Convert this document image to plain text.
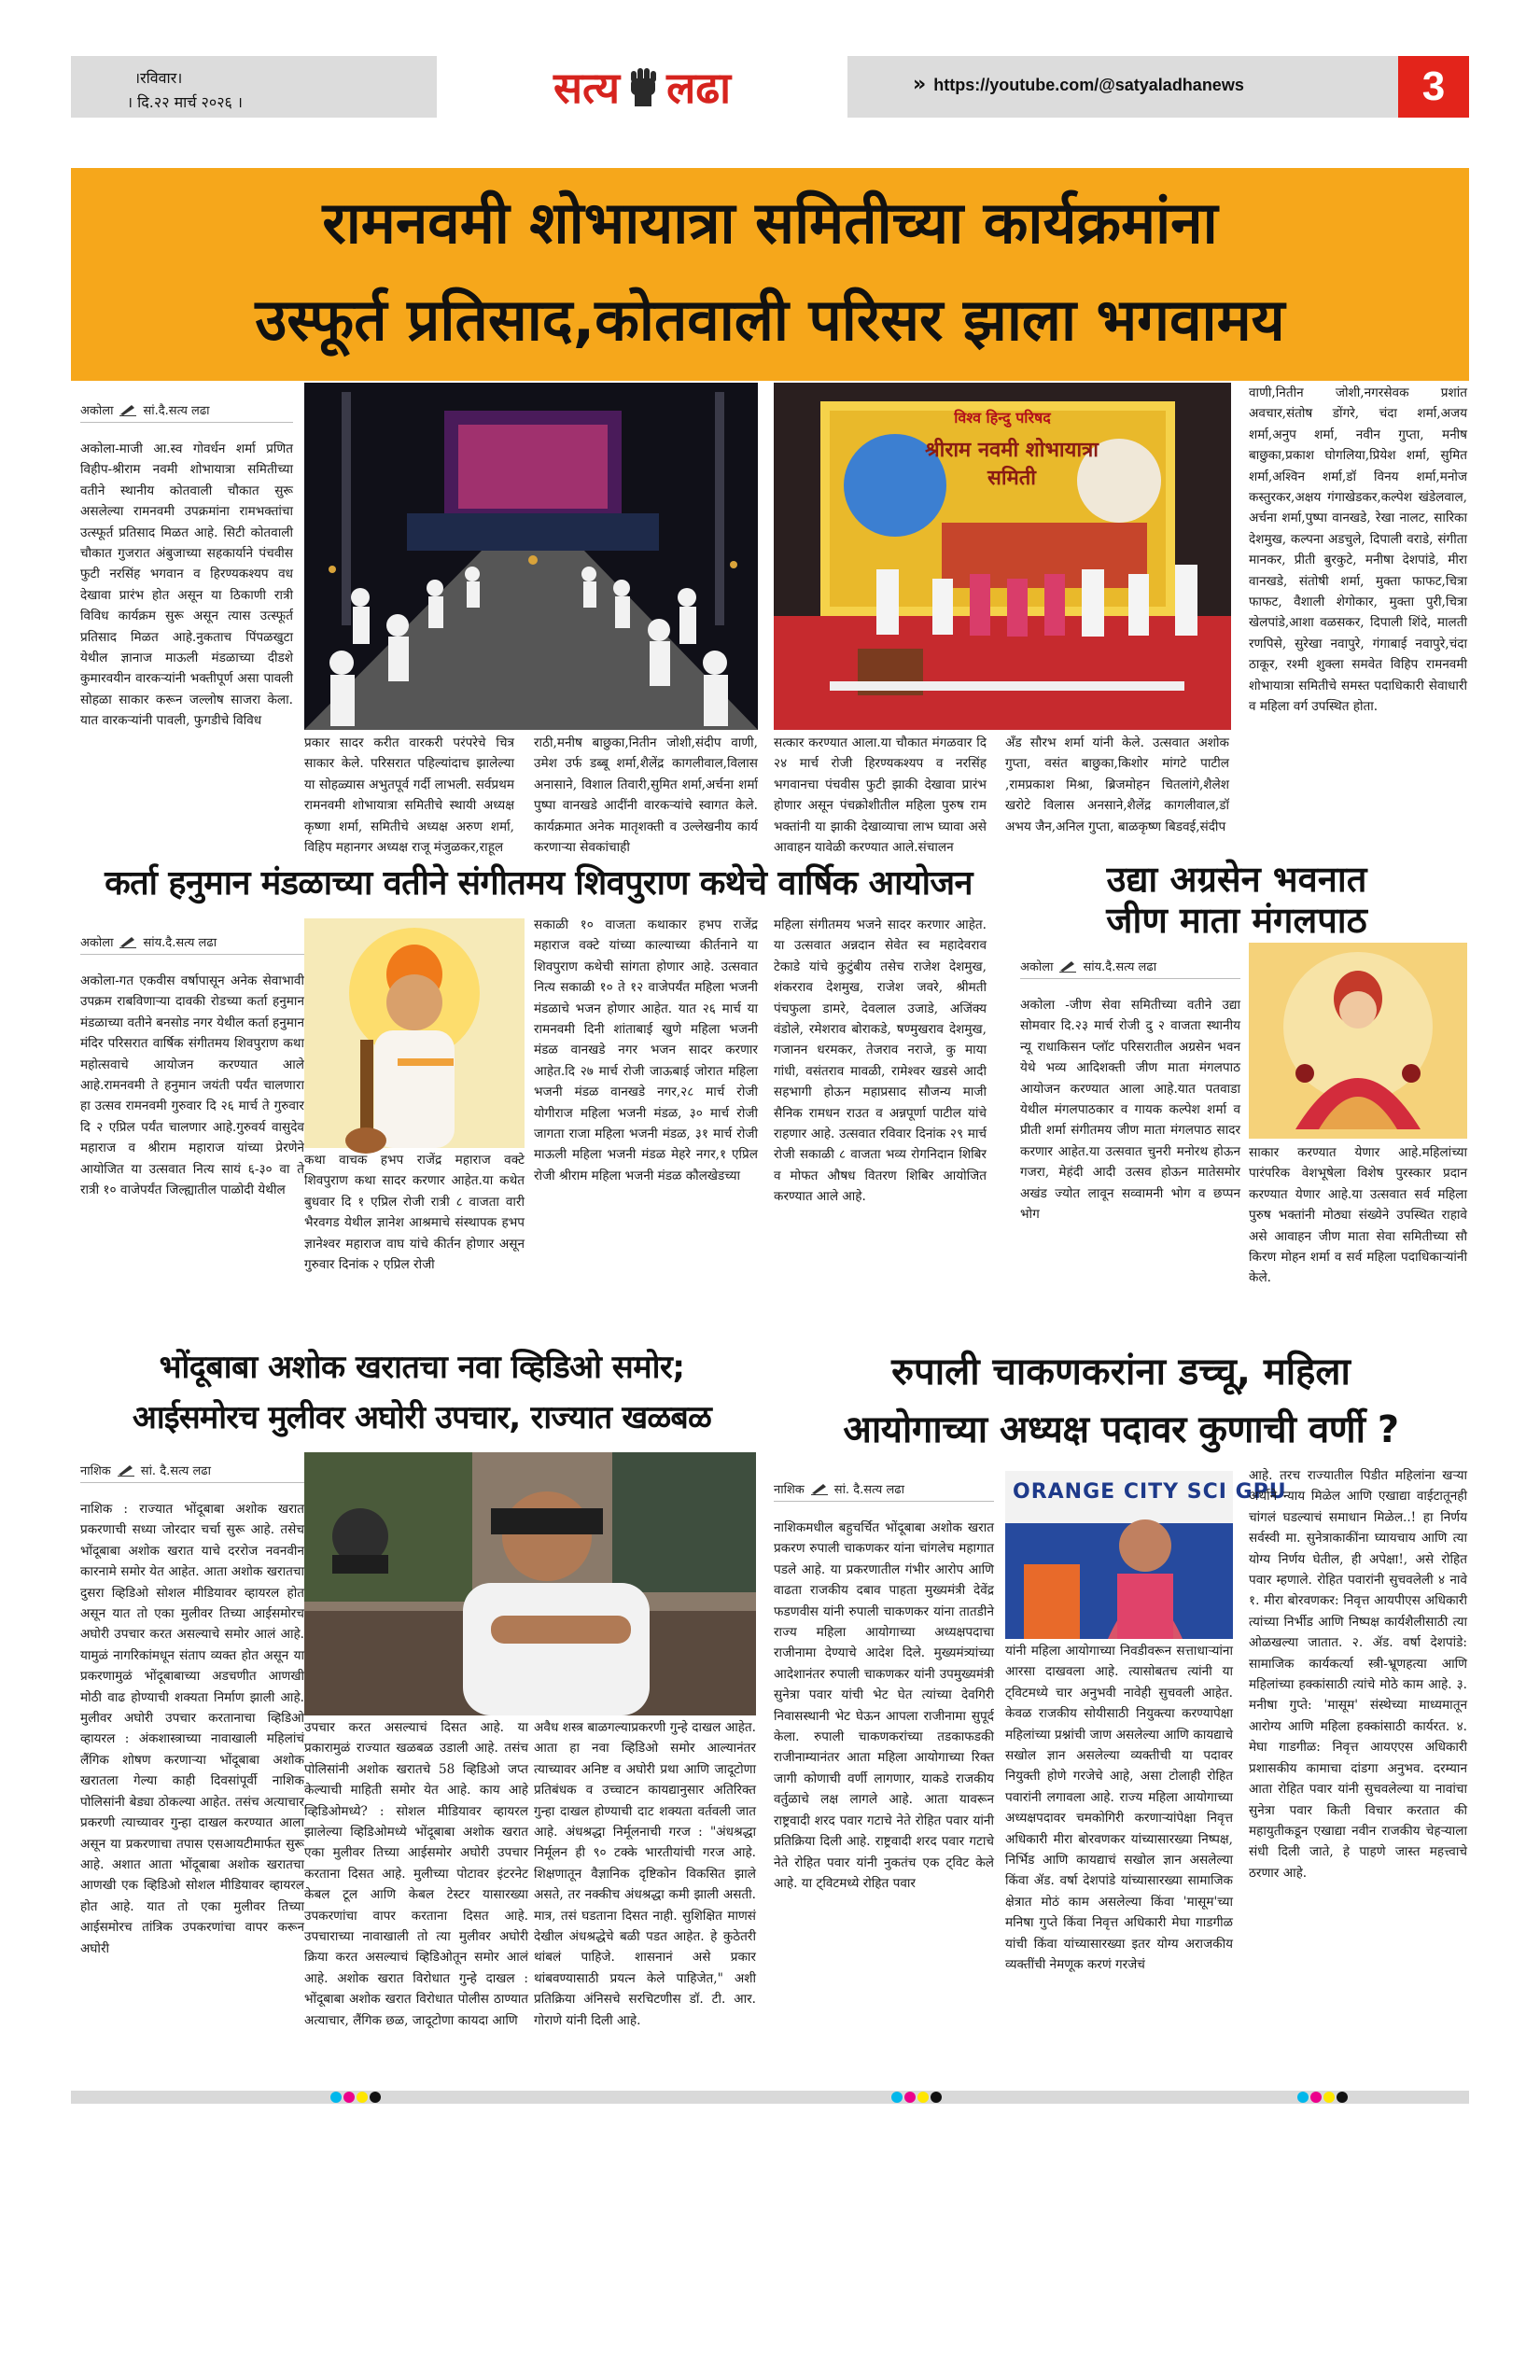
।रविवार।
। दि.२२ मार्च २०२६ ।	सत्य लढा	» https://youtube.com/@satyaladhanews	3
रामनवमी शोभायात्रा समितीच्या कार्यक्रमांना
उस्फूर्त प्रतिसाद,कोतवाली परिसर झाला भगवामय
अकोला सां.दै.सत्य लढा
अकोला-माजी आ.स्व गोवर्धन शर्मा प्रणित विहीप-श्रीराम नवमी शोभायात्रा समितीच्या वतीने स्थानीय कोतवाली चौकात सुरू असलेल्या रामनवमी उपक्रमांना रामभक्तांचा उत्स्फूर्त प्रतिसाद मिळत आहे. सिटी कोतवाली चौकात गुजरात अंबुजाच्या सहकार्याने पंचवीस फुटी नरसिंह भगवान व हिरण्यकश्यप वध देखावा प्रारंभ होत असून या ठिकाणी रात्री विविध कार्यक्रम सुरू असून त्यास उत्स्फूर्त प्रतिसाद मिळत आहे.नुकताच पिंपळखुटा येथील ज्ञानाज माऊली मंडळाच्या दीडशे कुमारवयीन वारकऱ्यांनी भक्तीपूर्ण असा पावली सोहळा साकार करून जल्लोष साजरा केला. यात वारकऱ्यांनी पावली, फुगडीचे विविध
प्रकार सादर करीत वारकरी परंपरेचे चित्र साकार केले. परिसरात पहिल्यांदाच झालेल्या या सोहळ्यास अभुतपूर्व गर्दी लाभली. सर्वप्रथम रामनवमी शोभायात्रा समितीचे स्थायी अध्यक्ष कृष्णा शर्मा, समितीचे अध्यक्ष अरुण शर्मा, विहिप महानगर अध्यक्ष राजू मंजुळकर,राहूल
राठी,मनीष बाछुका,नितीन जोशी,संदीप वाणी, उमेश उर्फ डब्बू शर्मा,शैलेंद्र कागलीवाल,विलास अनासाने, विशाल तिवारी,सुमित शर्मा,अर्चना शर्मा पुष्पा वानखडे आदींनी वारकऱ्यांचे स्वागत केले. कार्यक्रमात अनेक मातृशक्ती व उल्लेखनीय कार्य करणाऱ्या सेवकांचाही
विश्व हिन्दु परिषद
श्रीराम नवमी शोभायात्रा समिती
सत्कार करण्यात आला.या चौकात मंगळवार दि २४ मार्च रोजी हिरण्यकश्यप व नरसिंह भगवानचा पंचवीस फुटी झाकी देखावा प्रारंभ होणार असून पंचक्रोशीतील महिला पुरुष राम भक्तांनी या झाकी देखाव्याचा लाभ घ्यावा असे आवाहन यावेळी करण्यात आले.संचालन
अँड सौरभ शर्मा यांनी केले. उत्सवात अशोक गुप्ता, वसंत बाछुका,किशोर मांगटे पाटील ,रामप्रकाश मिश्रा, ब्रिजमोहन चितलांगे,शैलेश खरोटे विलास अनसाने,शैलेंद्र कागलीवाल,डॉ अभय जैन,अनिल गुप्ता, बाळकृष्ण बिडवई,संदीप
वाणी,नितीन जोशी,नगरसेवक प्रशांत अवचार,संतोष डोंगरे, चंदा शर्मा,अजय शर्मा,अनुप शर्मा, नवीन गुप्ता, मनीष बाछुका,प्रकाश घोगलिया,प्रियेश शर्मा, सुमित शर्मा,अश्विन शर्मा,डॉ विनय शर्मा,मनोज कस्तुरकर,अक्षय गंगाखेडकर,कल्पेश खंडेलवाल, अर्चना शर्मा,पुष्पा वानखडे, रेखा नालट, सारिका देशमुख, कल्पना अडचुले, दिपाली वराडे, संगीता मानकर, प्रीती बुरकुटे, मनीषा देशपांडे, मीरा वानखडे, संतोषी शर्मा, मुक्ता फाफट,चित्रा फाफट, वैशाली शेगोकार, मुक्ता पुरी,चित्रा खेलपांडे,आशा वळसकर, दिपाली शिंदे, मालती रणपिसे, सुरेखा नवापुरे, गंगाबाई नवापुरे,चंदा ठाकूर, रश्मी शुक्ला समवेत विहिप रामनवमी शोभायात्रा समितीचे समस्त पदाधिकारी सेवाधारी व महिला वर्ग उपस्थित होता.
कर्ता हनुमान मंडळाच्या वतीने संगीतमय शिवपुराण कथेचे वार्षिक आयोजन
अकोला सांय.दै.सत्य लढा
अकोला-गत एकवीस वर्षापासून अनेक सेवाभावी उपक्रम राबविणाऱ्या दावकी रोडच्या कर्ता हनुमान मंडळाच्या वतीने बनसोड नगर येथील कर्ता हनुमान मंदिर परिसरात वार्षिक संगीतमय शिवपुराण कथा महोत्सवाचे आयोजन करण्यात आले आहे.रामनवमी ते हनुमान जयंती पर्यंत चालणारा हा उत्सव रामनवमी गुरुवार दि २६ मार्च ते गुरुवार दि २ एप्रिल पर्यंत चालणार आहे.गुरुवर्य वासुदेव महाराज व श्रीराम महाराज यांच्या प्रेरणेने आयोजित या उत्सवात नित्य सायं ६-३० वा ते रात्री १० वाजेपर्यंत जिल्ह्यातील पाळोदी येथील
कथा वाचक हभप राजेंद्र महाराज वक्टे शिवपुराण कथा सादर करणार आहेत.या कथेत बुधवार दि १ एप्रिल रोजी रात्री ८ वाजता वारी भैरवगड येथील ज्ञानेश आश्रमाचे संस्थापक हभप ज्ञानेश्वर महाराज वाघ यांचे कीर्तन होणार असून गुरुवार दिनांक २ एप्रिल रोजी
सकाळी १० वाजता कथाकार हभप राजेंद्र महाराज वक्टे यांच्या काल्याच्या कीर्तनाने या शिवपुराण कथेची सांगता होणार आहे. उत्सवात नित्य सकाळी १० ते १२ वाजेपर्यंत महिला भजनी मंडळाचे भजन होणार आहेत. यात २६ मार्च या रामनवमी दिनी शांताबाई खुणे महिला भजनी मंडळ वानखडे नगर भजन सादर करणार आहेत.दि २७ मार्च रोजी जाऊबाई जोरात महिला भजनी मंडळ वानखडे नगर,२८ मार्च रोजी योगीराज महिला भजनी मंडळ, ३० मार्च रोजी जागता राजा महिला भजनी मंडळ, ३१ मार्च रोजी माऊली महिला भजनी मंडळ मेहरे नगर,१ एप्रिल रोजी श्रीराम महिला भजनी मंडळ कौलखेडच्या
महिला संगीतमय भजने सादर करणार आहेत. या उत्सवात अन्नदान सेवेत स्व महादेवराव टेकाडे यांचे कुटुंबीय तसेच राजेश देशमुख, शंकरराव देशमुख, राजेश जवरे, श्रीमती पंचफुला डामरे, देवलाल उजाडे, अजिंक्य वंडोले, रमेशराव बोराकडे, षण्मुखराव देशमुख, गजानन धरमकर, तेजराव नराजे, कु माया गांधी, वसंतराव मावळी, रामेश्वर खडसे आदी सहभागी होऊन महाप्रसाद सौजन्य माजी सैनिक रामधन राउत व अन्नपूर्णा पाटील यांचे राहणार आहे. उत्सवात रविवार दिनांक २९ मार्च रोजी सकाळी ८ वाजता भव्य रोगनिदान शिबिर व मोफत औषध वितरण शिबिर आयोजित करण्यात आले आहे.
उद्या अग्रसेन भवनात
जीण माता मंगलपाठ
अकोला सांय.दै.सत्य लढा
अकोला -जीण सेवा समितीच्या वतीने उद्या सोमवार दि.२३ मार्च रोजी दु २ वाजता स्थानीय न्यू राधाकिसन प्लॉट परिसरातील अग्रसेन भवन येथे भव्य आदिशक्ती जीण माता मंगलपाठ आयोजन करण्यात आला आहे.यात पतवाडा येथील मंगलपाठकार व गायक कल्पेश शर्मा व प्रीती शर्मा संगीतमय जीण माता मंगलपाठ सादर करणार आहेत.या उत्सवात चुनरी मनोरथ होऊन गजरा, मेहंदी आदी उत्सव होऊन मातेसमोर अखंड ज्योत लावून सव्वामनी भोग व छप्पन भोग
साकार करण्यात येणार आहे.महिलांच्या पारंपरिक वेशभूषेला विशेष पुरस्कार प्रदान करण्यात येणार आहे.या उत्सवात सर्व महिला पुरुष भक्तांनी मोठ्या संख्येने उपस्थित राहावे असे आवाहन जीण माता सेवा समितीच्या सौ किरण मोहन शर्मा व सर्व महिला पदाधिकाऱ्यांनी केले.
भोंदूबाबा अशोक खरातचा नवा व्हिडिओ समोर;
आईसमोरच मुलीवर अघोरी उपचार, राज्यात खळबळ
नाशिक सां. दै.सत्य लढा
नाशिक : राज्यात भोंदूबाबा अशोक खरात प्रकरणाची सध्या जोरदार चर्चा सुरू आहे. तसेच भोंदूबाबा अशोक खरात याचे दररोज नवनवीन कारनामे समोर येत आहेत. आता अशोक खरातचा दुसरा व्हिडिओ सोशल मीडियावर व्हायरल होत असून यात तो एका मुलीवर तिच्या आईसमोरच अघोरी उपचार करत असल्याचे समोर आलं आहे. यामुळं नागरिकांमधून संताप व्यक्त होत असून या प्रकरणामुळं भोंदूबाबाच्या अडचणीत आणखी मोठी वाढ होण्याची शक्यता निर्माण झाली आहे. मुलीवर अघोरी उपचार करतानाचा व्हिडिओ व्हायरल : अंकशास्त्राच्या नावाखाली महिलांचं लैंगिक शोषण करणाऱ्या भोंदूबाबा अशोक खरातला गेल्या काही दिवसांपूर्वी नाशिक पोलिसांनी बेड्या ठोकल्या आहेत. तसंच अत्याचार प्रकरणी त्याच्यावर गुन्हा दाखल करण्यात आला असून या प्रकरणाचा तपास एसआयटीमार्फत सुरू आहे. अशात आता भोंदूबाबा अशोक खरातचा आणखी एक व्हिडिओ सोशल मीडियावर व्हायरल होत आहे. यात तो एका मुलीवर तिच्या आईसमोरच तांत्रिक उपकरणांचा वापर करून अघोरी
उपचार करत असल्याचं दिसत आहे. या प्रकारामुळं राज्यात खळबळ उडाली आहे. तसंच पोलिसांनी अशोक खरातचे 58 व्हिडिओ जप्त केल्याची माहिती समोर येत आहे. काय आहे व्हिडिओमध्ये? : सोशल मीडियावर व्हायरल झालेल्या व्हिडिओमध्ये भोंदूबाबा अशोक खरात एका मुलीवर तिच्या आईसमोर अघोरी उपचार करताना दिसत आहे. मुलीच्या पोटावर इंटरनेट केबल टूल आणि केबल टेस्टर यासारख्या उपकरणांचा वापर करताना दिसत आहे. उपचाराच्या नावाखाली तो त्या मुलीवर अघोरी क्रिया करत असल्याचं व्हिडिओतून समोर आलं आहे. अशोक खरात विरोधात गुन्हे दाखल : भोंदूबाबा अशोक खरात विरोधात पोलीस ठाण्यात अत्याचार, लैंगिक छळ, जादूटोणा कायदा आणि
अवैध शस्त्र बाळगल्याप्रकरणी गुन्हे दाखल आहेत. आता हा नवा व्हिडिओ समोर आल्यानंतर त्याच्यावर अनिष्ट व अघोरी प्रथा आणि जादूटोणा प्रतिबंधक व उच्चाटन कायद्यानुसार अतिरिक्त गुन्हा दाखल होण्याची दाट शक्यता वर्तवली जात आहे. अंधश्रद्धा निर्मूलनाची गरज : "अंधश्रद्धा निर्मूलन ही ९० टक्के भारतीयांची गरज आहे. शिक्षणातून वैज्ञानिक दृष्टिकोन विकसित झाले असते, तर नक्कीच अंधश्रद्धा कमी झाली असती. मात्र, तसं घडताना दिसत नाही. सुशिक्षित माणसं देखील अंधश्रद्धेचे बळी पडत आहेत. हे कुठेतरी थांबलं पाहिजे. शासनानं असे प्रकार थांबवण्यासाठी प्रयत्न केले पाहिजेत," अशी प्रतिक्रिया अंनिसचे सरचिटणीस डॉ. टी. आर. गोराणे यांनी दिली आहे.
रुपाली चाकणकरांना डच्चू, महिला
आयोगाच्या अध्यक्ष पदावर कुणाची वर्णी ?
नाशिक सां. दै.सत्य लढा
नाशिकमधील बहुचर्चित भोंदूबाबा अशोक खरात प्रकरण रुपाली चाकणकर यांना चांगलेच महागात पडले आहे. या प्रकरणातील गंभीर आरोप आणि वाढता राजकीय दबाव पाहता मुख्यमंत्री देवेंद्र फडणवीस यांनी रुपाली चाकणकर यांना तातडीने राज्य महिला आयोगाच्या अध्यक्षपदाचा राजीनामा देण्याचे आदेश दिले. मुख्यमंत्र्यांच्या आदेशानंतर रुपाली चाकणकर यांनी उपमुख्यमंत्री सुनेत्रा पवार यांची भेट घेत त्यांच्या देवगिरी निवासस्थानी भेट घेऊन आपला राजीनामा सुपूर्द केला. रुपाली चाकणकरांच्या तडकाफडकी राजीनाम्यानंतर आता महिला आयोगाच्या रिक्त जागी कोणाची वर्णी लागणार, याकडे राजकीय वर्तुळाचे लक्ष लागले आहे. आता यावरून राष्ट्रवादी शरद पवार गटाचे नेते रोहित पवार यांनी प्रतिक्रिया दिली आहे. राष्ट्रवादी शरद पवार गटाचे नेते रोहित पवार यांनी नुकतंच एक ट्विट केले आहे. या ट्विटमध्ये रोहित पवार
ORANGE CITY SCI GPU
यांनी महिला आयोगाच्या निवडीवरून सत्ताधाऱ्यांना आरसा दाखवला आहे. त्यासोबतच त्यांनी या ट्विटमध्ये चार अनुभवी नावेही सुचवली आहेत. केवळ राजकीय सोयीसाठी नियुक्त्या करण्यापेक्षा महिलांच्या प्रश्नांची जाण असलेल्या आणि कायद्याचे सखोल ज्ञान असलेल्या व्यक्तीची या पदावर नियुक्ती होणे गरजेचे आहे, असा टोलाही रोहित पवारांनी लगावला आहे. राज्य महिला आयोगाच्या अध्यक्षपदावर चमकोगिरी करणाऱ्यांपेक्षा निवृत्त अधिकारी मीरा बोरवणकर यांच्यासारख्या निष्पक्ष, निर्भिड आणि कायद्याचं सखोल ज्ञान असलेल्या किंवा ॲड. वर्षा देशपांडे यांच्यासारख्या सामाजिक क्षेत्रात मोठं काम असलेल्या किंवा 'मासूम'च्या मनिषा गुप्ते किंवा निवृत्त अधिकारी मेघा गाडगीळ यांची किंवा यांच्यासारख्या इतर योग्य अराजकीय व्यक्तींची नेमणूक करणं गरजेचं
आहे. तरच राज्यातील पिडीत महिलांना खऱ्या अर्थाने न्याय मिळेल आणि एखाद्या वाईटातूनही चांगलं घडल्याचं समाधान मिळेल..! हा निर्णय सर्वस्वी मा. सुनेत्राकाकींना घ्यायचाय आणि त्या योग्य निर्णय घेतील, ही अपेक्षा!, असे रोहित पवार म्हणाले. रोहित पवारांनी सुचवलेली ४ नावे १. मीरा बोरवणकर: निवृत्त आयपीएस अधिकारी त्यांच्या निर्भीड आणि निष्पक्ष कार्यशैलीसाठी त्या ओळखल्या जातात. २. ॲड. वर्षा देशपांडे: सामाजिक कार्यकर्त्या स्त्री-भ्रूणहत्या आणि महिलांच्या हक्कांसाठी त्यांचे मोठे काम आहे. ३. मनीषा गुप्ते: 'मासूम' संस्थेच्या माध्यमातून आरोग्य आणि महिला हक्कांसाठी कार्यरत. ४. मेघा गाडगीळ: निवृत्त आयएएस अधिकारी प्रशासकीय कामाचा दांडगा अनुभव. दरम्यान आता रोहित पवार यांनी सुचवलेल्या या नावांचा सुनेत्रा पवार किती विचार करतात की महायुतीकडून एखाद्या नवीन राजकीय चेहऱ्याला संधी दिली जाते, हे पाहणे जास्त महत्त्वाचे ठरणार आहे.
